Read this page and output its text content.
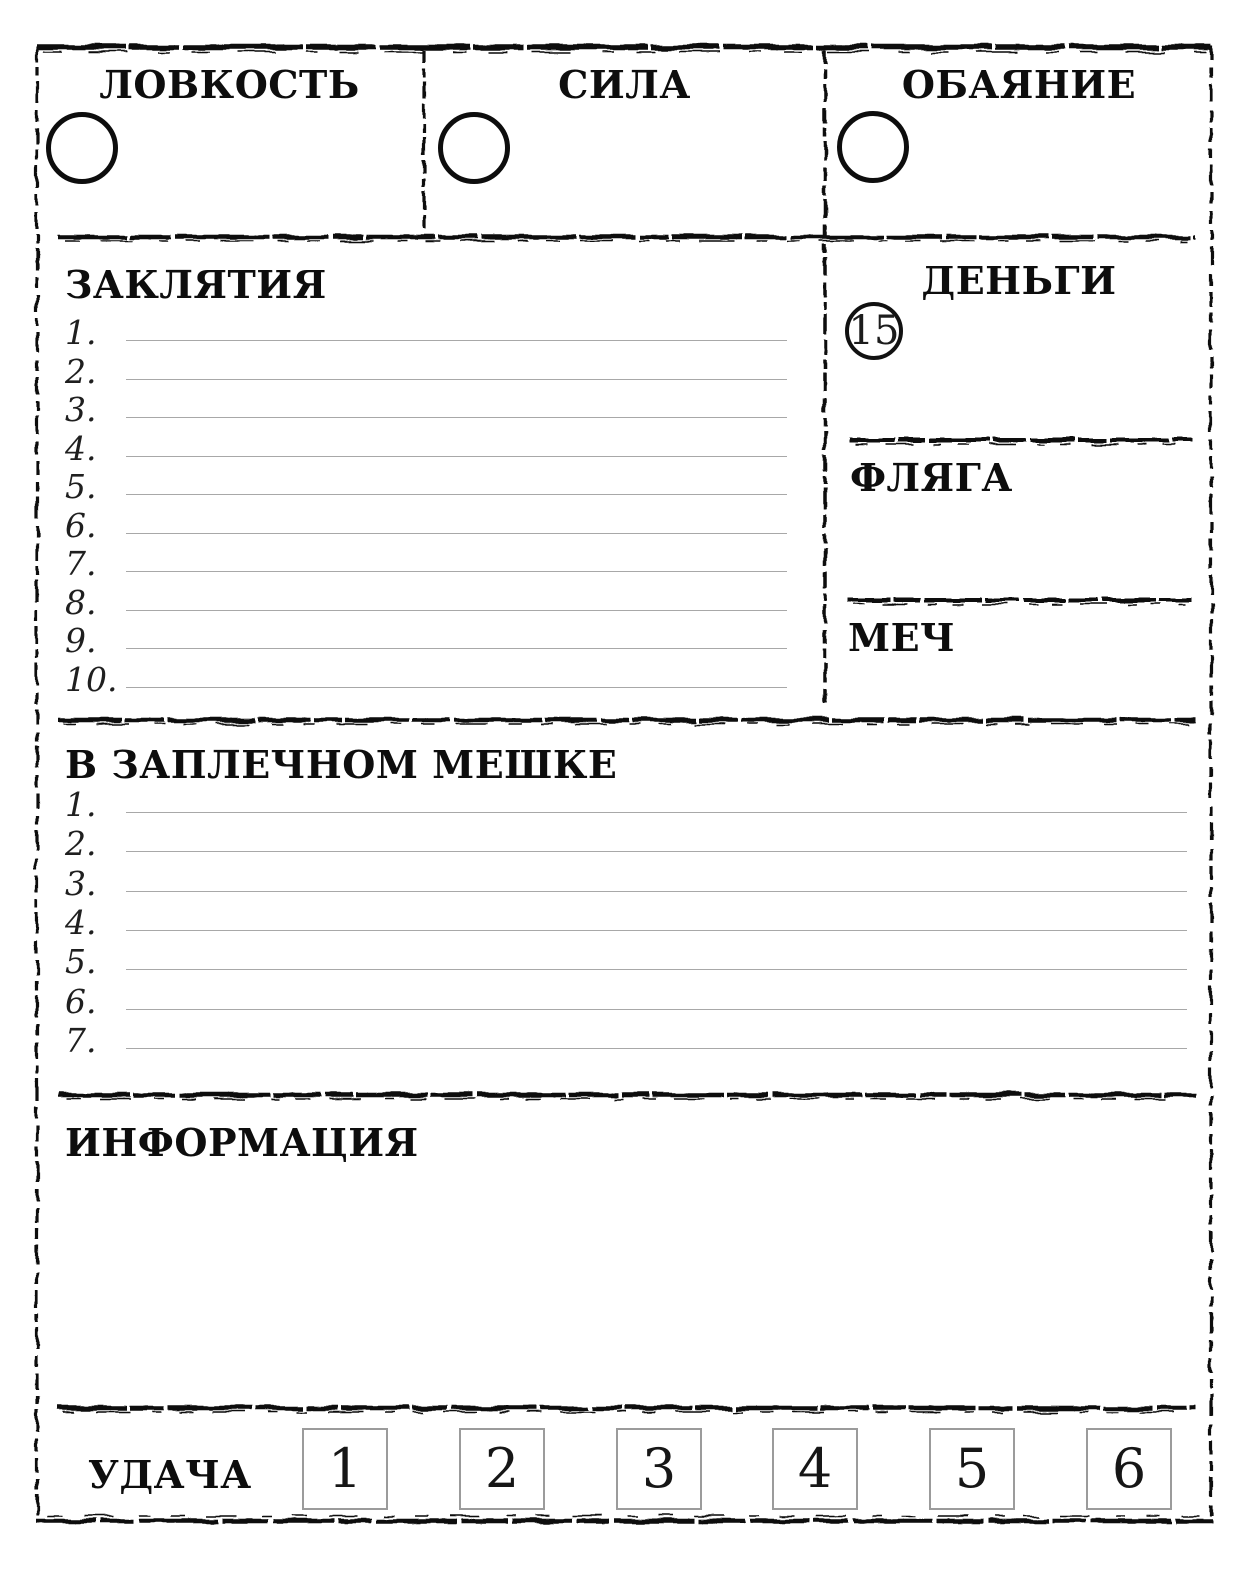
ЛОВКОСТЬ	СИЛА	ОБАЯНИЕ
ЗАКЛЯТИЯ
1.
2.
3.
4.
5.
6.
7.
8.
9.
10.
ДЕНЬГИ
15
ФЛЯГА
МЕЧ
В ЗАПЛЕЧНОМ МЕШКЕ
1.
2.
3.
4.
5.
6.
7.
ИНФОРМАЦИЯ
УДАЧА 1 2 3 4 5 6
